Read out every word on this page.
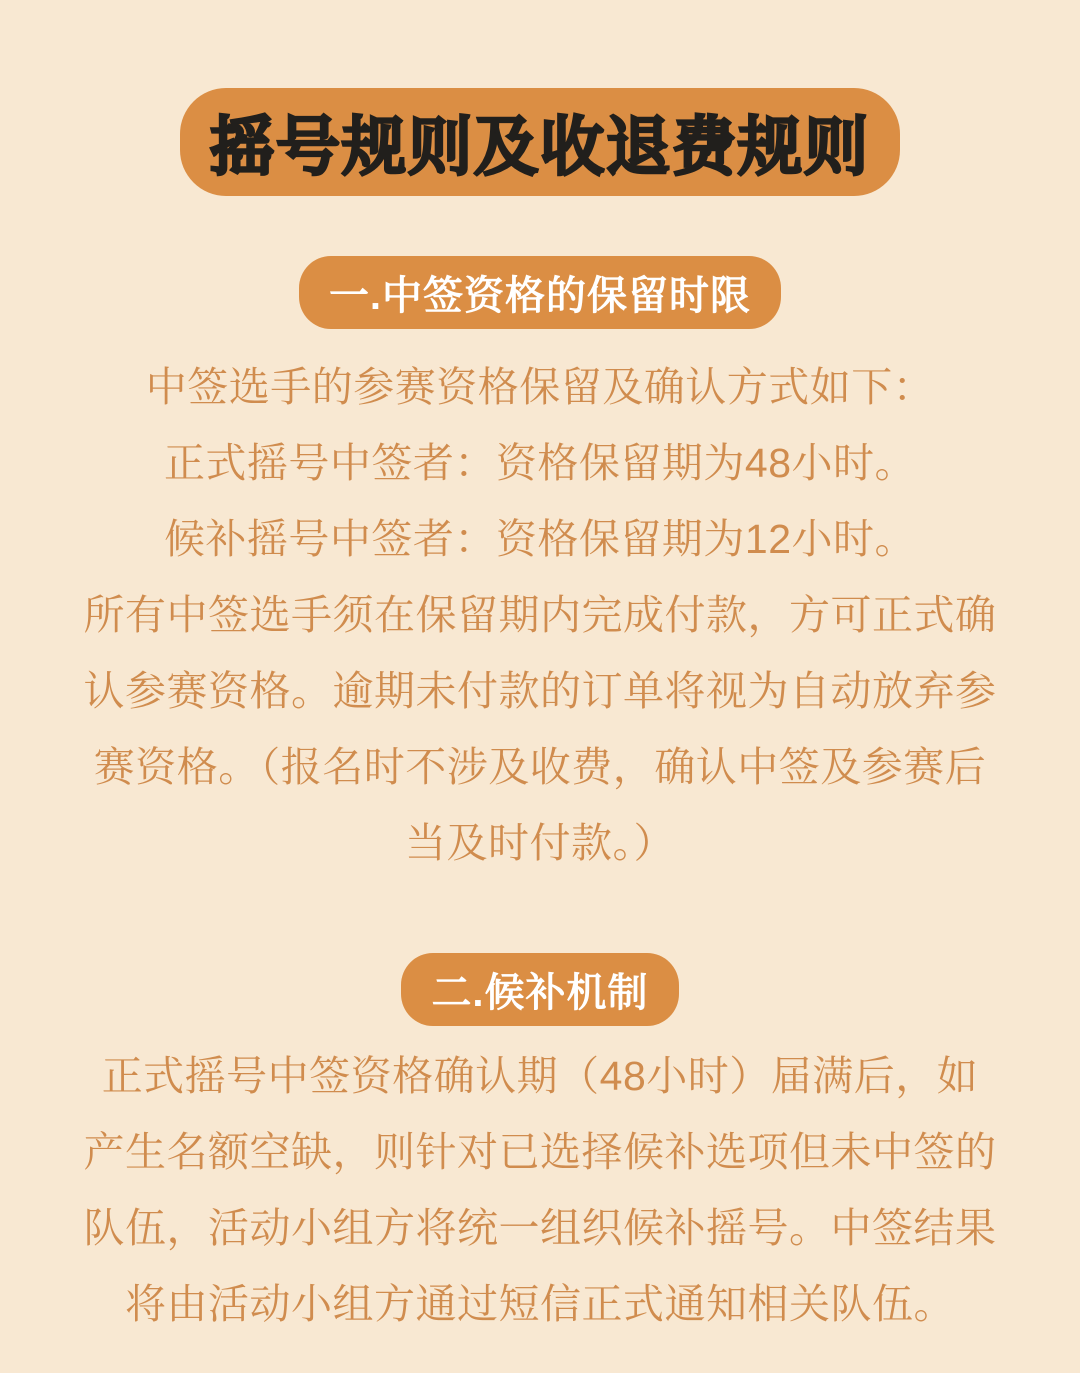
摇号规则及收退费规则
一.中签资格的保留时限
中签选手的参赛资格保留及确认方式如下：
正式摇号中签者：资格保留期为48小时。
候补摇号中签者：资格保留期为12小时。
所有中签选手须在保留期内完成付款，方可正式确
认参赛资格。逾期未付款的订单将视为自动放弃参
赛资格。（报名时不涉及收费，确认中签及参赛后
当及时付款。）
二.候补机制
正式摇号中签资格确认期（48小时）届满后，如
产生名额空缺，则针对已选择候补选项但未中签的
队伍，活动小组方将统一组织候补摇号。中签结果
将由活动小组方通过短信正式通知相关队伍。
